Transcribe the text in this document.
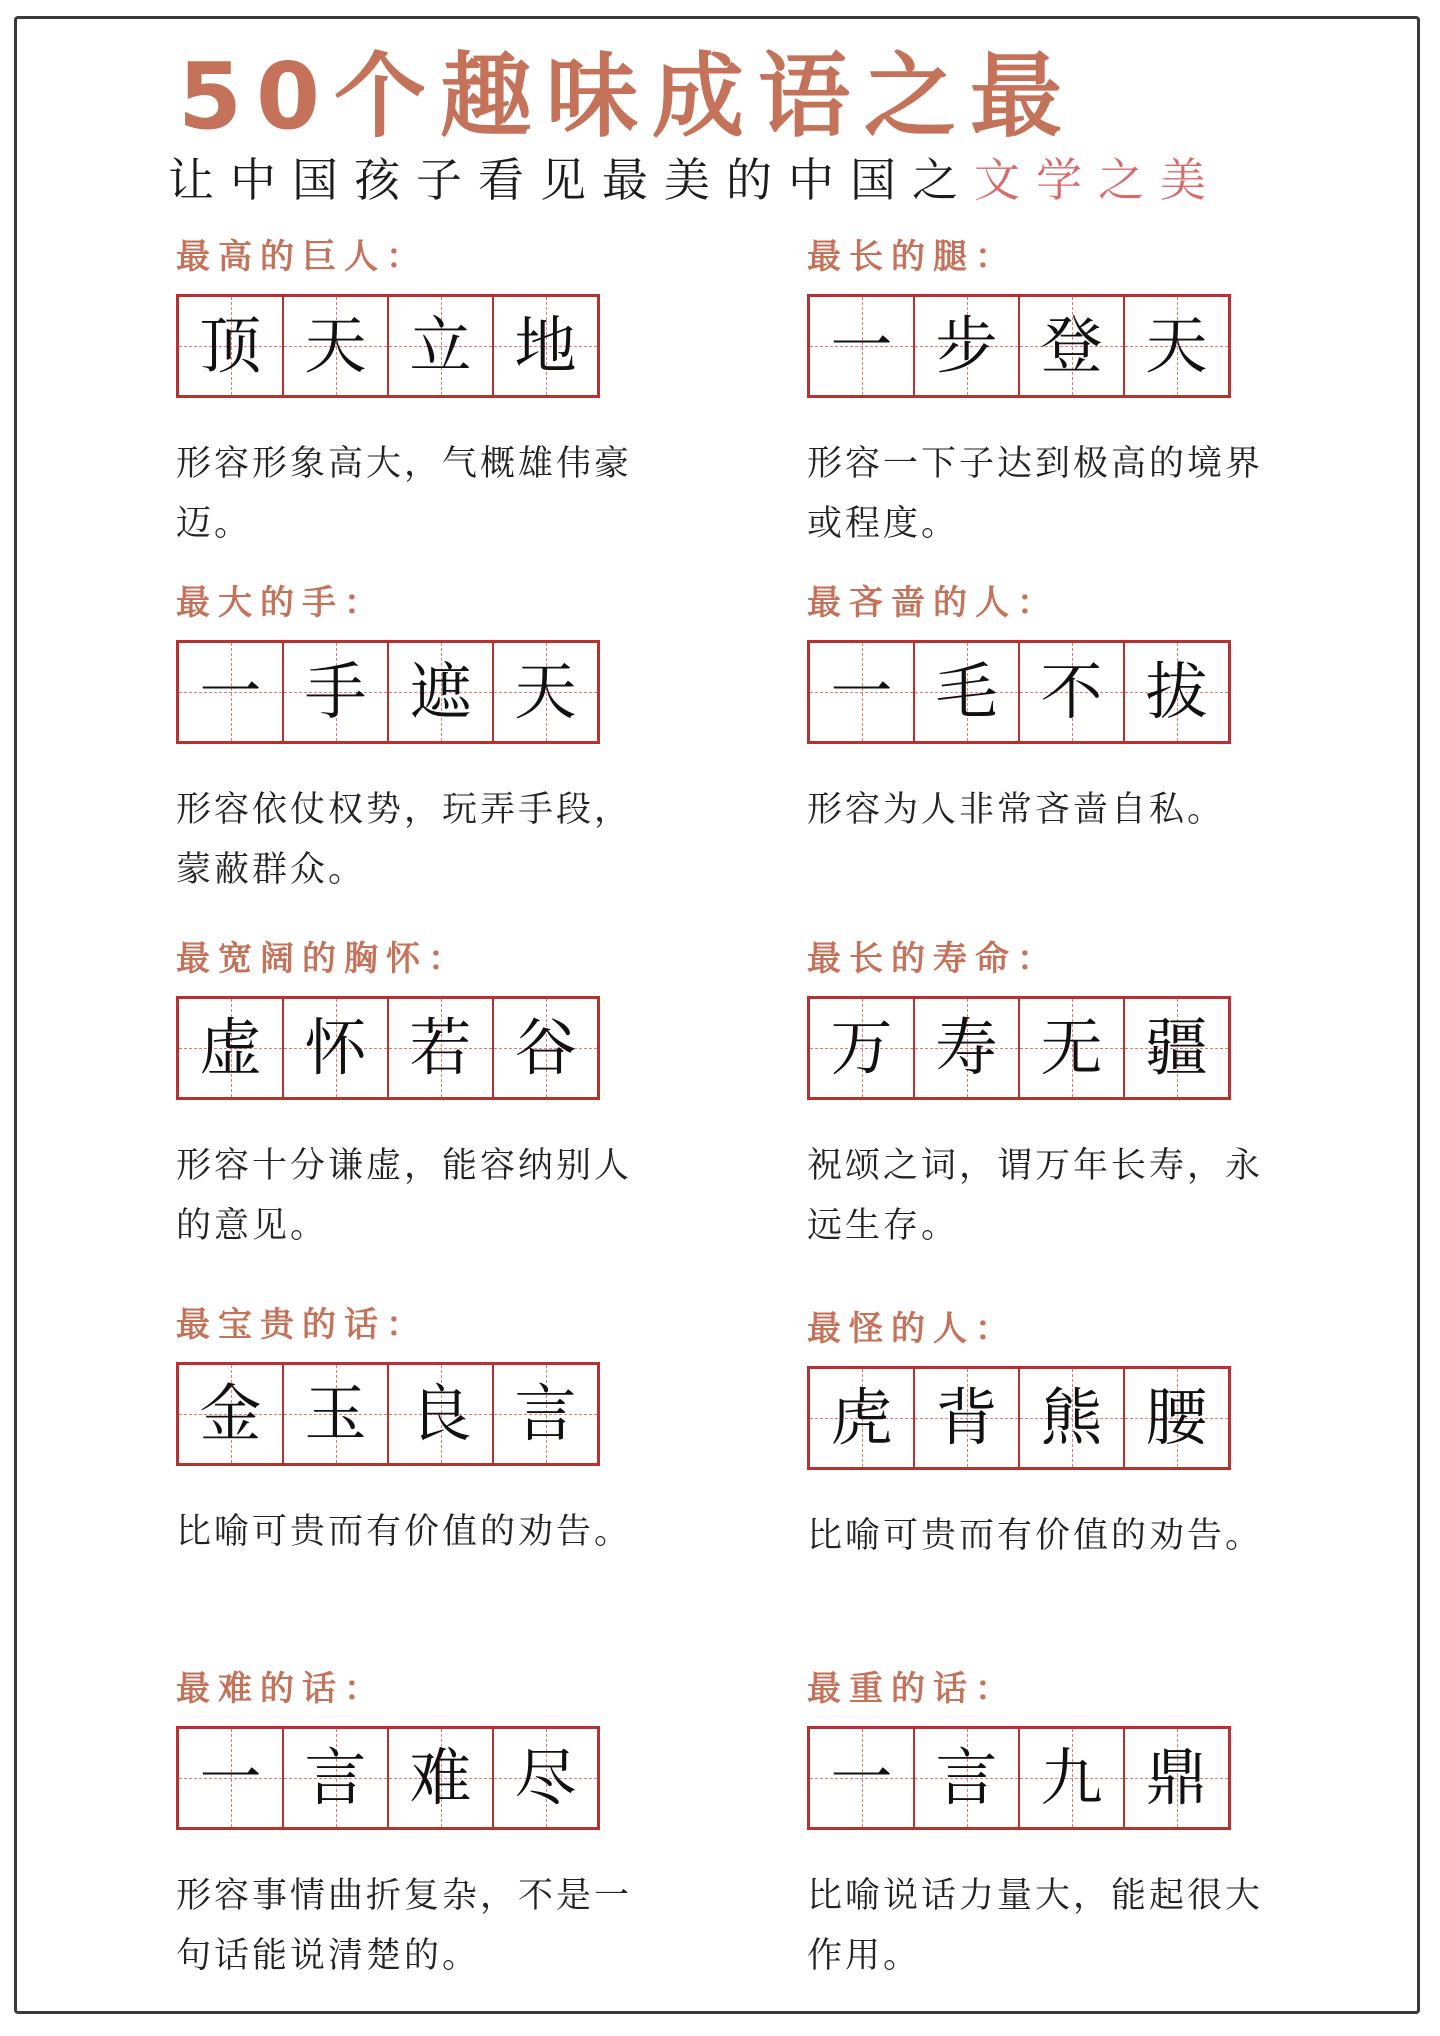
50个趣味成语之最
让中国孩子看见最美的中国之文学之美
最高的巨人：
顶 天 立 地
形容形象高大，气概雄伟豪迈。
最长的腿：
一 步 登 天
形容一下子达到极高的境界或程度。
最大的手：
一 手 遮 天
形容依仗权势，玩弄手段，蒙蔽群众。
最吝啬的人：
一 毛 不 拔
形容为人非常吝啬自私。
最宽阔的胸怀：
虚 怀 若 谷
形容十分谦虚，能容纳别人的意见。
最长的寿命：
万 寿 无 疆
祝颂之词，谓万年长寿，永远生存。
最宝贵的话：
金 玉 良 言
比喻可贵而有价值的劝告。
最怪的人：
虎 背 熊 腰
比喻可贵而有价值的劝告。
最难的话：
一 言 难 尽
形容事情曲折复杂，不是一句话能说清楚的。
最重的话：
一 言 九 鼎
比喻说话力量大，能起很大作用。
